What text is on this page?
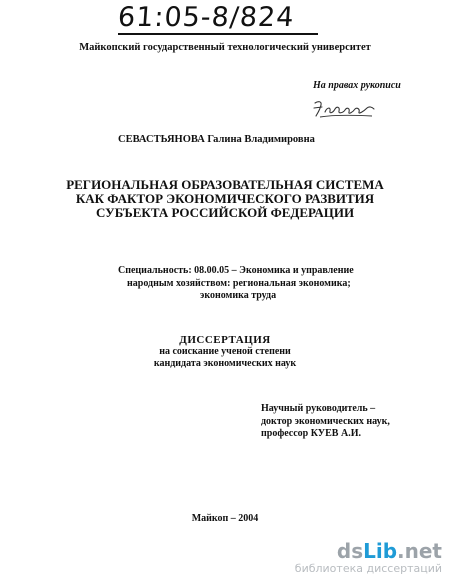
61:05-8/824
Майкопский государственный технологический университет
На правах рукописи
СЕВАСТЬЯНОВА Галина Владимировна
РЕГИОНАЛЬНАЯ ОБРАЗОВАТЕЛЬНАЯ СИСТЕМА
КАК ФАКТОР ЭКОНОМИЧЕСКОГО РАЗВИТИЯ
СУБЪЕКТА РОССИЙСКОЙ ФЕДЕРАЦИИ
Специальность: 08.00.05 – Экономика и управление
народным хозяйством: региональная экономика;
экономика труда
ДИССЕРТАЦИЯ
на соискание ученой степени
кандидата экономических наук
Научный руководитель –
доктор экономических наук,
профессор КУЕВ А.И.
Майкоп – 2004
dsLib.net
библиотека диссертаций
